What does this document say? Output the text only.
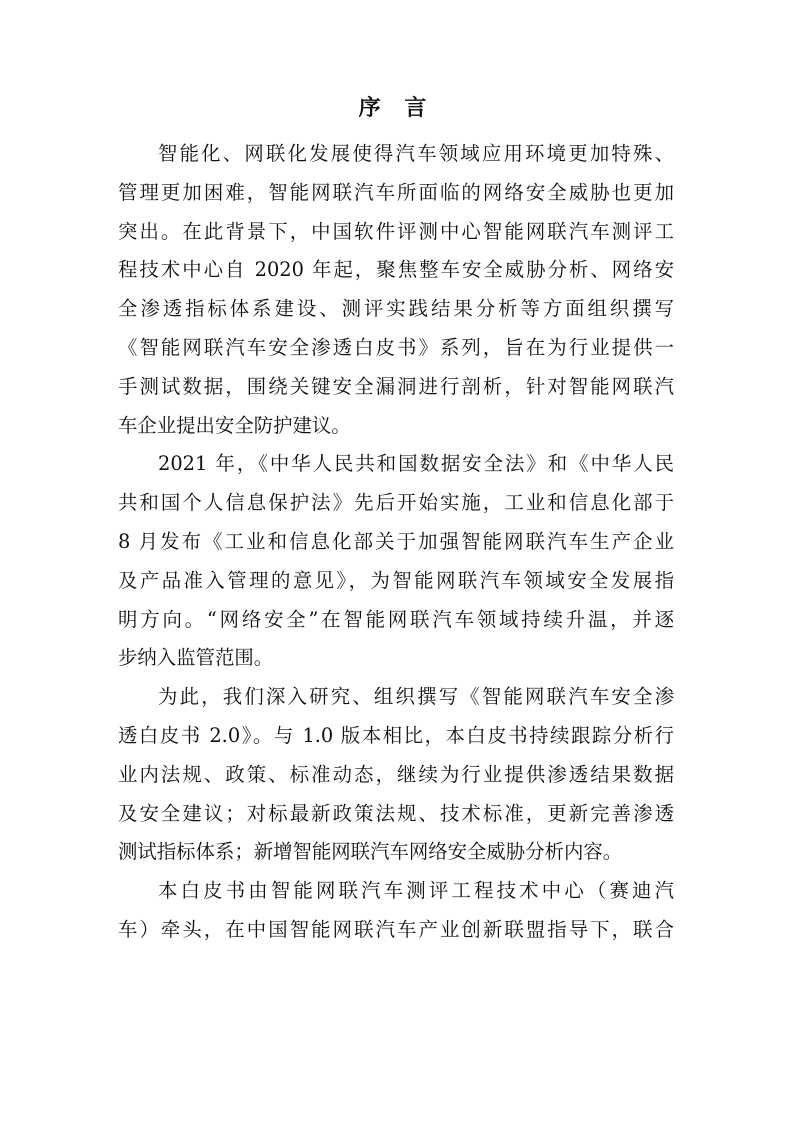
序 言
智能化、网联化发展使得汽车领域应用环境更加特殊、
管理更加困难，智能网联汽车所面临的网络安全威胁也更加
突出。在此背景下，中国软件评测中心智能网联汽车测评工
程技术中心自 2020 年起，聚焦整车安全威胁分析、网络安
全渗透指标体系建设、测评实践结果分析等方面组织撰写
《智能网联汽车安全渗透白皮书》系列，旨在为行业提供一
手测试数据，围绕关键安全漏洞进行剖析，针对智能网联汽
车企业提出安全防护建议。
2021 年，《中华人民共和国数据安全法》和《中华人民
共和国个人信息保护法》先后开始实施，工业和信息化部于
8 月发布《工业和信息化部关于加强智能网联汽车生产企业
及产品准入管理的意见》，为智能网联汽车领域安全发展指
明方向。“网络安全”在智能网联汽车领域持续升温，并逐
步纳入监管范围。
为此，我们深入研究、组织撰写《智能网联汽车安全渗
透白皮书 2.0》。与 1.0 版本相比，本白皮书持续跟踪分析行
业内法规、政策、标准动态，继续为行业提供渗透结果数据
及安全建议；对标最新政策法规、技术标准，更新完善渗透
测试指标体系；新增智能网联汽车网络安全威胁分析内容。
本白皮书由智能网联汽车测评工程技术中心（赛迪汽
车）牵头，在中国智能网联汽车产业创新联盟指导下，联合
